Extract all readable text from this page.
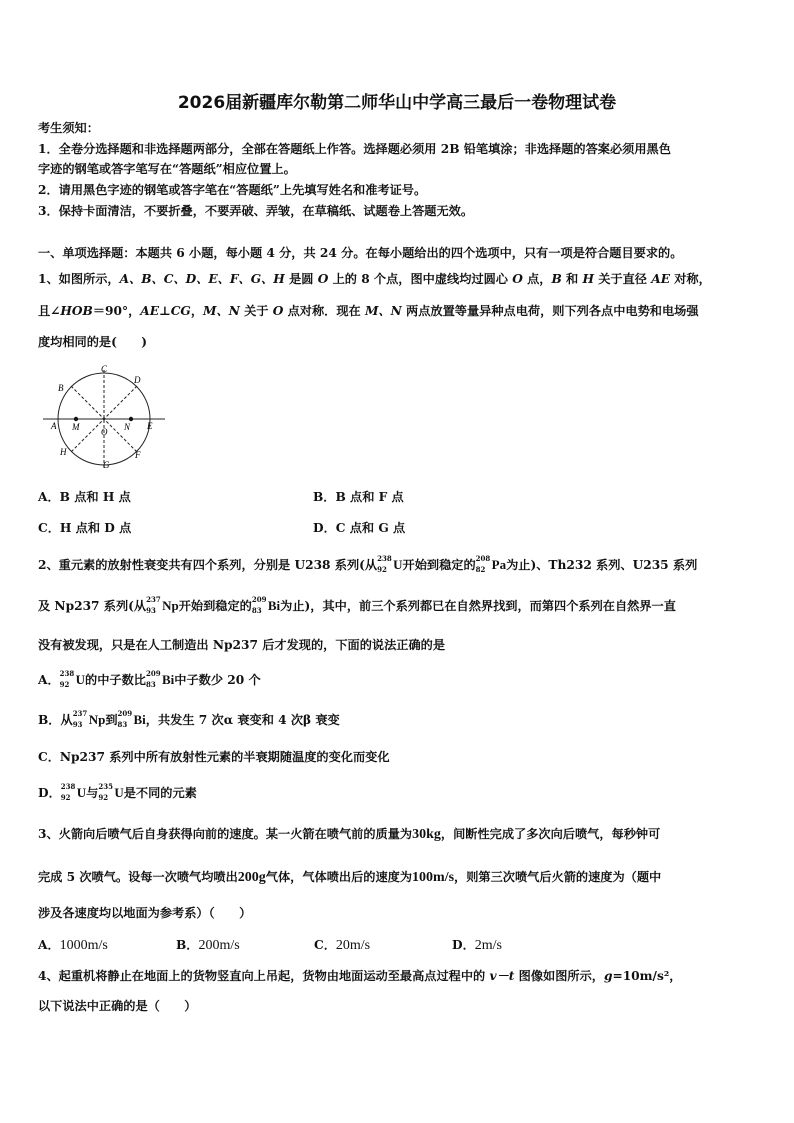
2026届新疆库尔勒第二师华山中学高三最后一卷物理试卷
考生须知：
1．全卷分选择题和非选择题两部分，全部在答题纸上作答。选择题必须用 2B 铅笔填涂；非选择题的答案必须用黑色
字迹的钢笔或答字笔写在“答题纸”相应位置上。
2．请用黑色字迹的钢笔或答字笔在“答题纸”上先填写姓名和准考证号。
3．保持卡面清洁，不要折叠，不要弄破、弄皱，在草稿纸、试题卷上答题无效。
一、单项选择题：本题共 6 小题，每小题 4 分，共 24 分。在每小题给出的四个选项中，只有一项是符合题目要求的。
1、如图所示，A、B、C、D、E、F、G、H 是圆 O 上的 8 个点，图中虚线均过圆心 O 点，B 和 H 关于直径 AE 对称，
且∠HOB＝90°，AE⊥CG，M、N 关于 O 点对称．现在 M、N 两点放置等量异种点电荷，则下列各点中电势和电场强
度均相同的是(　　)
C
D
B
A M O N E
H	F
G
A．B 点和 H 点	B．B 点和 F 点
C．H 点和 D 点	D．C 点和 G 点
2、重元素的放射性衰变共有四个系列，分别是 U238 系列(从 238
92 U开始到稳定的 208
82 Pa为止)、Th232 系列、U235 系列
及 Np237 系列(从 237
93 Np开始到稳定的 209
83 Bi为止)，其中，前三个系列都已在自然界找到，而第四个系列在自然界一直
没有被发现，只是在人工制造出 Np237 后才发现的，下面的说法正确的是
A． 238
92 U的中子数比 209
83 Bi中子数少 20 个
B．从 237
93 Np到 209
83 Bi，共发生 7 次α 衰变和 4 次β 衰变
C．Np237 系列中所有放射性元素的半衰期随温度的变化而变化
D． 238
92 U与 235
92 U是不同的元素
3、火箭向后喷气后自身获得向前的速度。某一火箭在喷气前的质量为30kg，间断性完成了多次向后喷气，每秒钟可
完成 5 次喷气。设每一次喷气均喷出200g气体，气体喷出后的速度为100m/s，则第三次喷气后火箭的速度为（题中
涉及各速度均以地面为参考系）（　　）
A．1000m/s	B．200m/s	C．20m/s	D．2m/s
4、起重机将静止在地面上的货物竖直向上吊起，货物由地面运动至最高点过程中的 v－t 图像如图所示，g=10m/s²，
以下说法中正确的是（　　）
